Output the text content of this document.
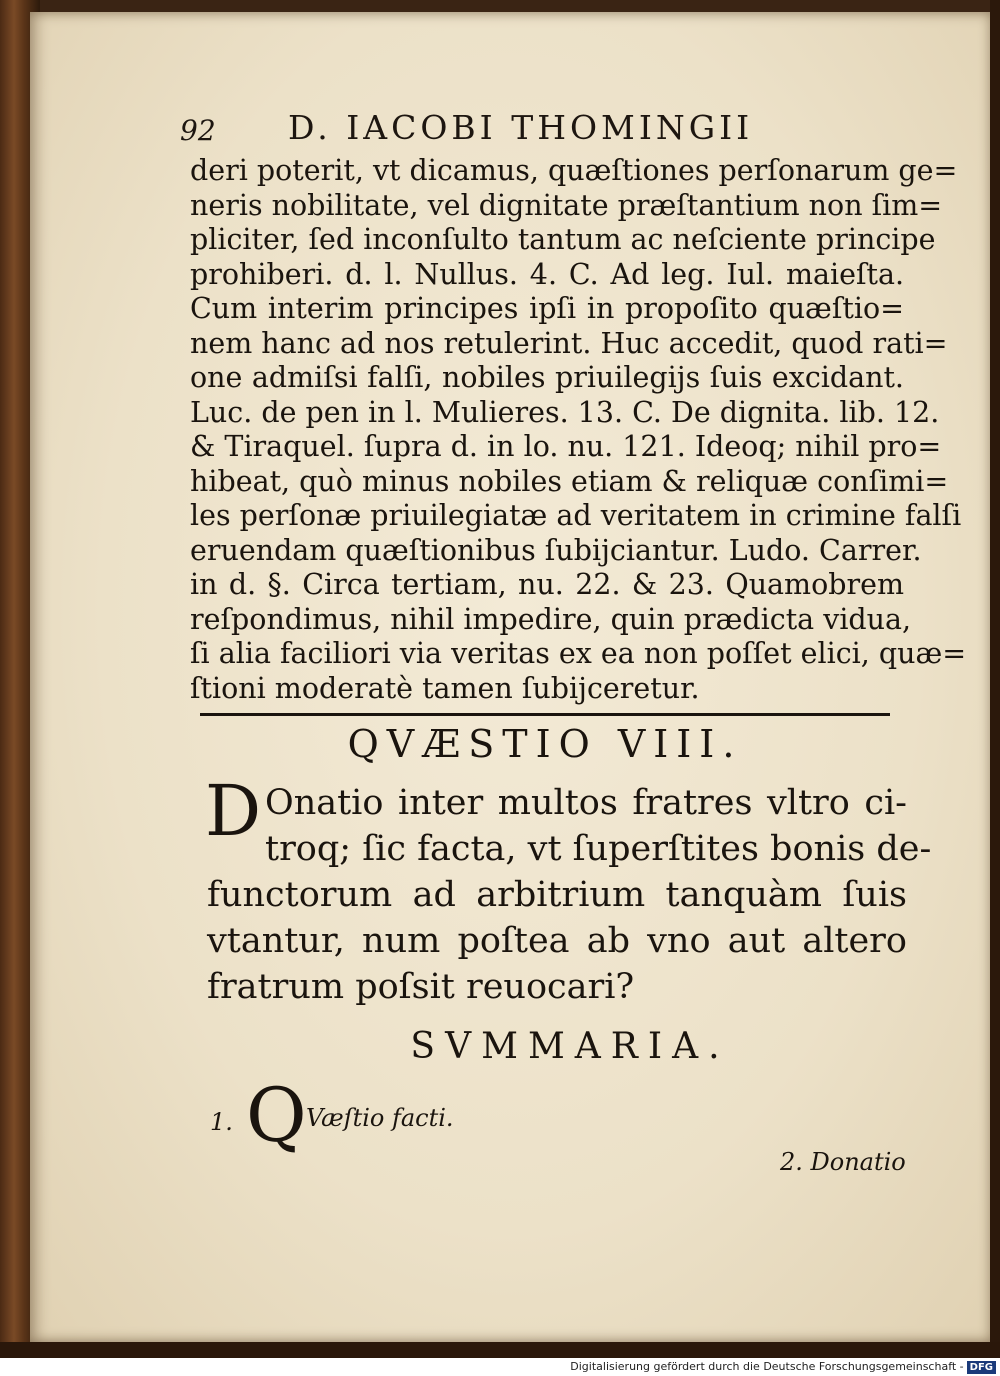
92 D. IACOBI THOMINGII
deri poterit, vt dicamus, quæſtiones perſonarum ge=
neris nobilitate, vel dignitate præſtantium non ſim=
pliciter, ſed inconſulto tantum ac neſciente principe
prohiberi. d. l. Nullus. 4. C. Ad leg. Iul. maieſta.
Cum interim principes ipſi in propoſito quæſtio=
nem hanc ad nos retulerint. Huc accedit, quod rati=
one admiſsi falſi, nobiles priuilegijs ſuis excidant.
Luc. de pen in l. Mulieres. 13. C. De dignita. lib. 12.
& Tiraquel. ſupra d. in lo. nu. 121. Ideoq; nihil pro=
hibeat, quò minus nobiles etiam & reliquæ conſimi=
les perſonæ priuilegiatæ ad veritatem in crimine falſi
eruendam quæſtionibus ſubijciantur. Ludo. Carrer.
in d. §. Circa tertiam, nu. 22. & 23. Quamobrem
reſpondimus, nihil impedire, quin prædicta vidua,
ſi alia faciliori via veritas ex ea non poſſet elici, quæ=
ſtioni moderatè tamen ſubijceretur.
QVÆSTIO VIII.
D Onatio inter multos fratres vltro ci-
troq; ſic facta, vt ſuperſtites bonis de-
functorum ad arbitrium tanquàm ſuis
vtantur, num poſtea ab vno aut altero
fratrum poſsit reuocari?
SVMMARIA.
1. Q Væſtio facti.
2. Donatio
Digitalisierung gefördert durch die Deutsche Forschungsgemeinschaft - DFG
